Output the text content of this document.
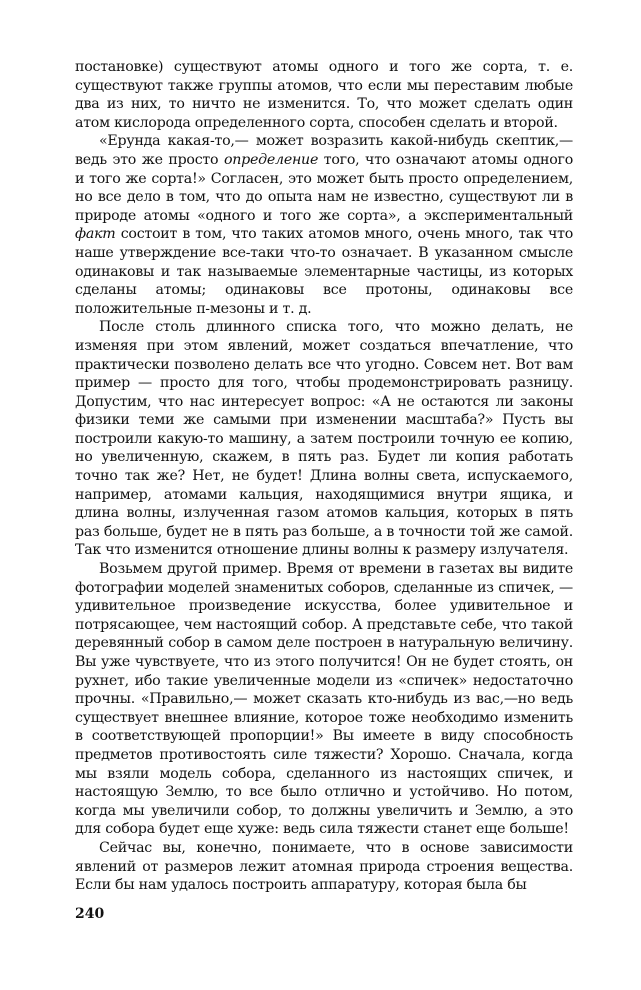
постановке) существуют атомы одного и того же сорта, т. е. существуют также группы атомов, что если мы переставим любые два из них, то ничто не изменится. То, что может сделать один атом кислорода определенного сорта, способен сделать и второй.

«Ерунда какая-то,— может возразить какой-нибудь скептик,— ведь это же просто определение того, что означают атомы одного и того же сорта!» Согласен, это может быть просто определением, но все дело в том, что до опыта нам не известно, существуют ли в природе атомы «одного и того же сорта», а экспериментальный факт состоит в том, что таких атомов много, очень много, так что наше утверждение все-таки что-то означает. В указанном смысле одинаковы и так называемые элементарные частицы, из которых сделаны атомы; одинаковы все протоны, одинаковы все положительные π-мезоны и т. д.

После столь длинного списка того, что можно делать, не изменяя при этом явлений, может создаться впечатление, что практически позволено делать все что угодно. Совсем нет. Вот вам пример — просто для того, чтобы продемонстрировать разницу. Допустим, что нас интересует вопрос: «А не остаются ли законы физики теми же самыми при изменении масштаба?» Пусть вы построили какую-то машину, а затем построили точную ее копию, но увеличенную, скажем, в пять раз. Будет ли копия работать точно так же? Нет, не будет! Длина волны света, испускаемого, например, атомами кальция, находящимися внутри ящика, и длина волны, излученная газом атомов кальция, которых в пять раз больше, будет не в пять раз больше, а в точности той же самой. Так что изменится отношение длины волны к размеру излучателя.

Возьмем другой пример. Время от времени в газетах вы видите фотографии моделей знаменитых соборов, сделанные из спичек, — удивительное произведение искусства, более удивительное и потрясающее, чем настоящий собор. А представьте себе, что такой деревянный собор в самом деле построен в натуральную величину. Вы уже чувствуете, что из этого получится! Он не будет стоять, он рухнет, ибо такие увеличенные модели из «спичек» недостаточно прочны. «Правильно,— может сказать кто-нибудь из вас,—но ведь существует внешнее влияние, которое тоже необходимо изменить в соответствующей пропорции!» Вы имеете в виду способность предметов противостоять силе тяжести? Хорошо. Сначала, когда мы взяли модель собора, сделанного из настоящих спичек, и настоящую Землю, то все было отлично и устойчиво. Но потом, когда мы увеличили собор, то должны увеличить и Землю, а это для собора будет еще хуже: ведь сила тяжести станет еще больше!

Сейчас вы, конечно, понимаете, что в основе зависимости явлений от размеров лежит атомная природа строения вещества. Если бы нам удалось построить аппаратуру, которая была бы

240
